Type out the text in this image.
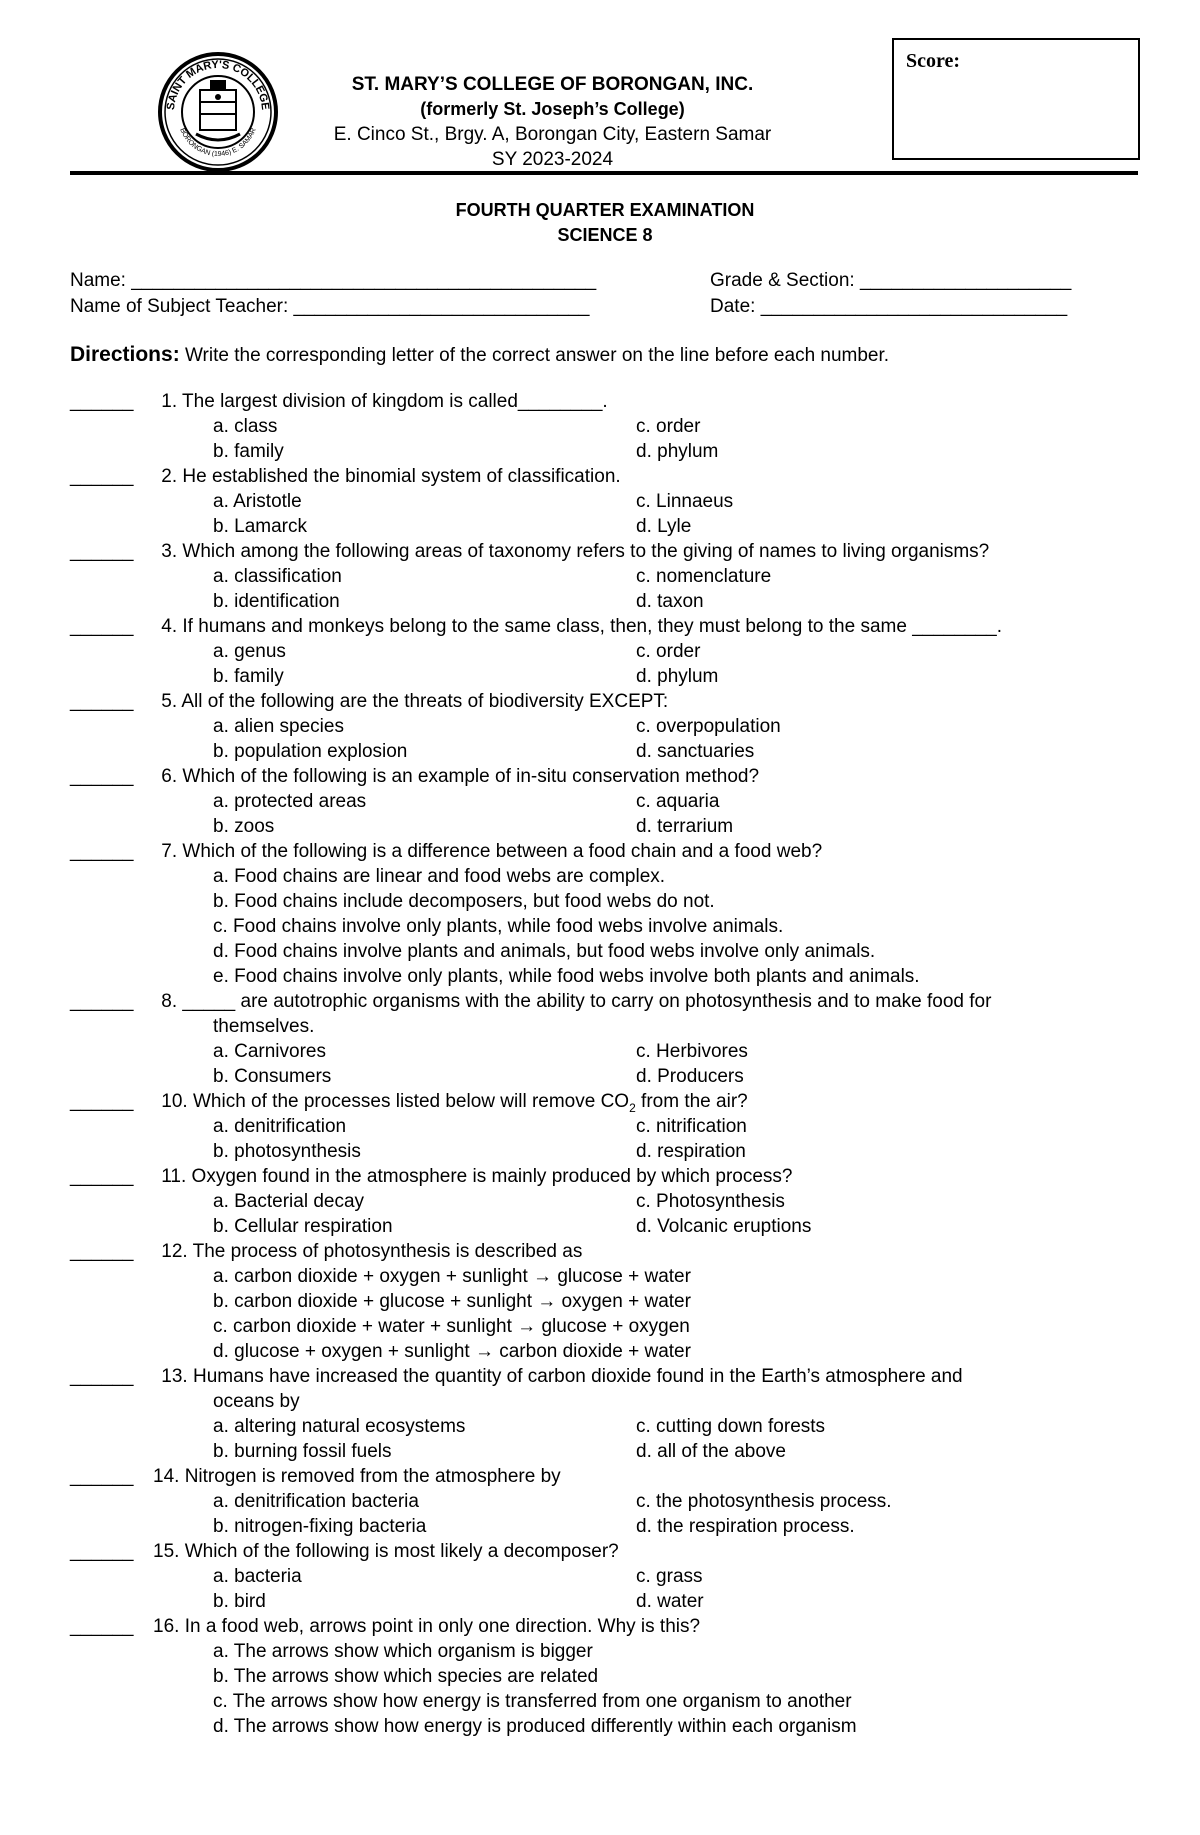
SAINT MARY'S COLLEGE
BORONGAN (1946) E. SAMAR
ST. MARY’S COLLEGE OF BORONGAN, INC.
(formerly St. Joseph’s College)
E. Cinco St., Brgy. A, Borongan City, Eastern Samar
SY 2023-2024
Score:
FOURTH QUARTER EXAMINATION
SCIENCE 8
Name: ____________________________________________	Grade & Section: ____________________
Name of Subject Teacher: ____________________________	Date: _____________________________
Directions: Write the corresponding letter of the correct answer on the line before each number.
______ 1. The largest division of kingdom is called________.
a. class	c. order
b. family	d. phylum
______ 2. He established the binomial system of classification.
a. Aristotle	c. Linnaeus
b. Lamarck	d. Lyle
______ 3. Which among the following areas of taxonomy refers to the giving of names to living organisms?
a. classification	c. nomenclature
b. identification	d. taxon
______ 4. If humans and monkeys belong to the same class, then, they must belong to the same ________.
a. genus	c. order
b. family	d. phylum
______ 5. All of the following are the threats of biodiversity EXCEPT:
a. alien species	c. overpopulation
b. population explosion	d. sanctuaries
______ 6. Which of the following is an example of in-situ conservation method?
a. protected areas	c. aquaria
b. zoos	d. terrarium
______ 7. Which of the following is a difference between a food chain and a food web?
a. Food chains are linear and food webs are complex.
b. Food chains include decomposers, but food webs do not.
c. Food chains involve only plants, while food webs involve animals.
d. Food chains involve plants and animals, but food webs involve only animals.
e. Food chains involve only plants, while food webs involve both plants and animals.
______ 8. _____ are autotrophic organisms with the ability to carry on photosynthesis and to make food for
themselves.
a. Carnivores	c. Herbivores
b. Consumers	d. Producers
______ 10. Which of the processes listed below will remove $CO_2$ from the air?
a. denitrification	c. nitrification
b. photosynthesis	d. respiration
______ 11. Oxygen found in the atmosphere is mainly produced by which process?
a. Bacterial decay	c. Photosynthesis
b. Cellular respiration	d. Volcanic eruptions
______ 12. The process of photosynthesis is described as
a. carbon dioxide + oxygen + sunlight → glucose + water
b. carbon dioxide + glucose + sunlight → oxygen + water
c. carbon dioxide + water + sunlight → glucose + oxygen
d. glucose + oxygen + sunlight → carbon dioxide + water
______ 13. Humans have increased the quantity of carbon dioxide found in the Earth’s atmosphere and
oceans by
a. altering natural ecosystems	c. cutting down forests
b. burning fossil fuels	d. all of the above
______ 14. Nitrogen is removed from the atmosphere by
a. denitrification bacteria	c. the photosynthesis process.
b. nitrogen-fixing bacteria	d. the respiration process.
______ 15. Which of the following is most likely a decomposer?
a. bacteria	c. grass
b. bird	d. water
______ 16. In a food web, arrows point in only one direction. Why is this?
a. The arrows show which organism is bigger
b. The arrows show which species are related
c. The arrows show how energy is transferred from one organism to another
d. The arrows show how energy is produced differently within each organism
